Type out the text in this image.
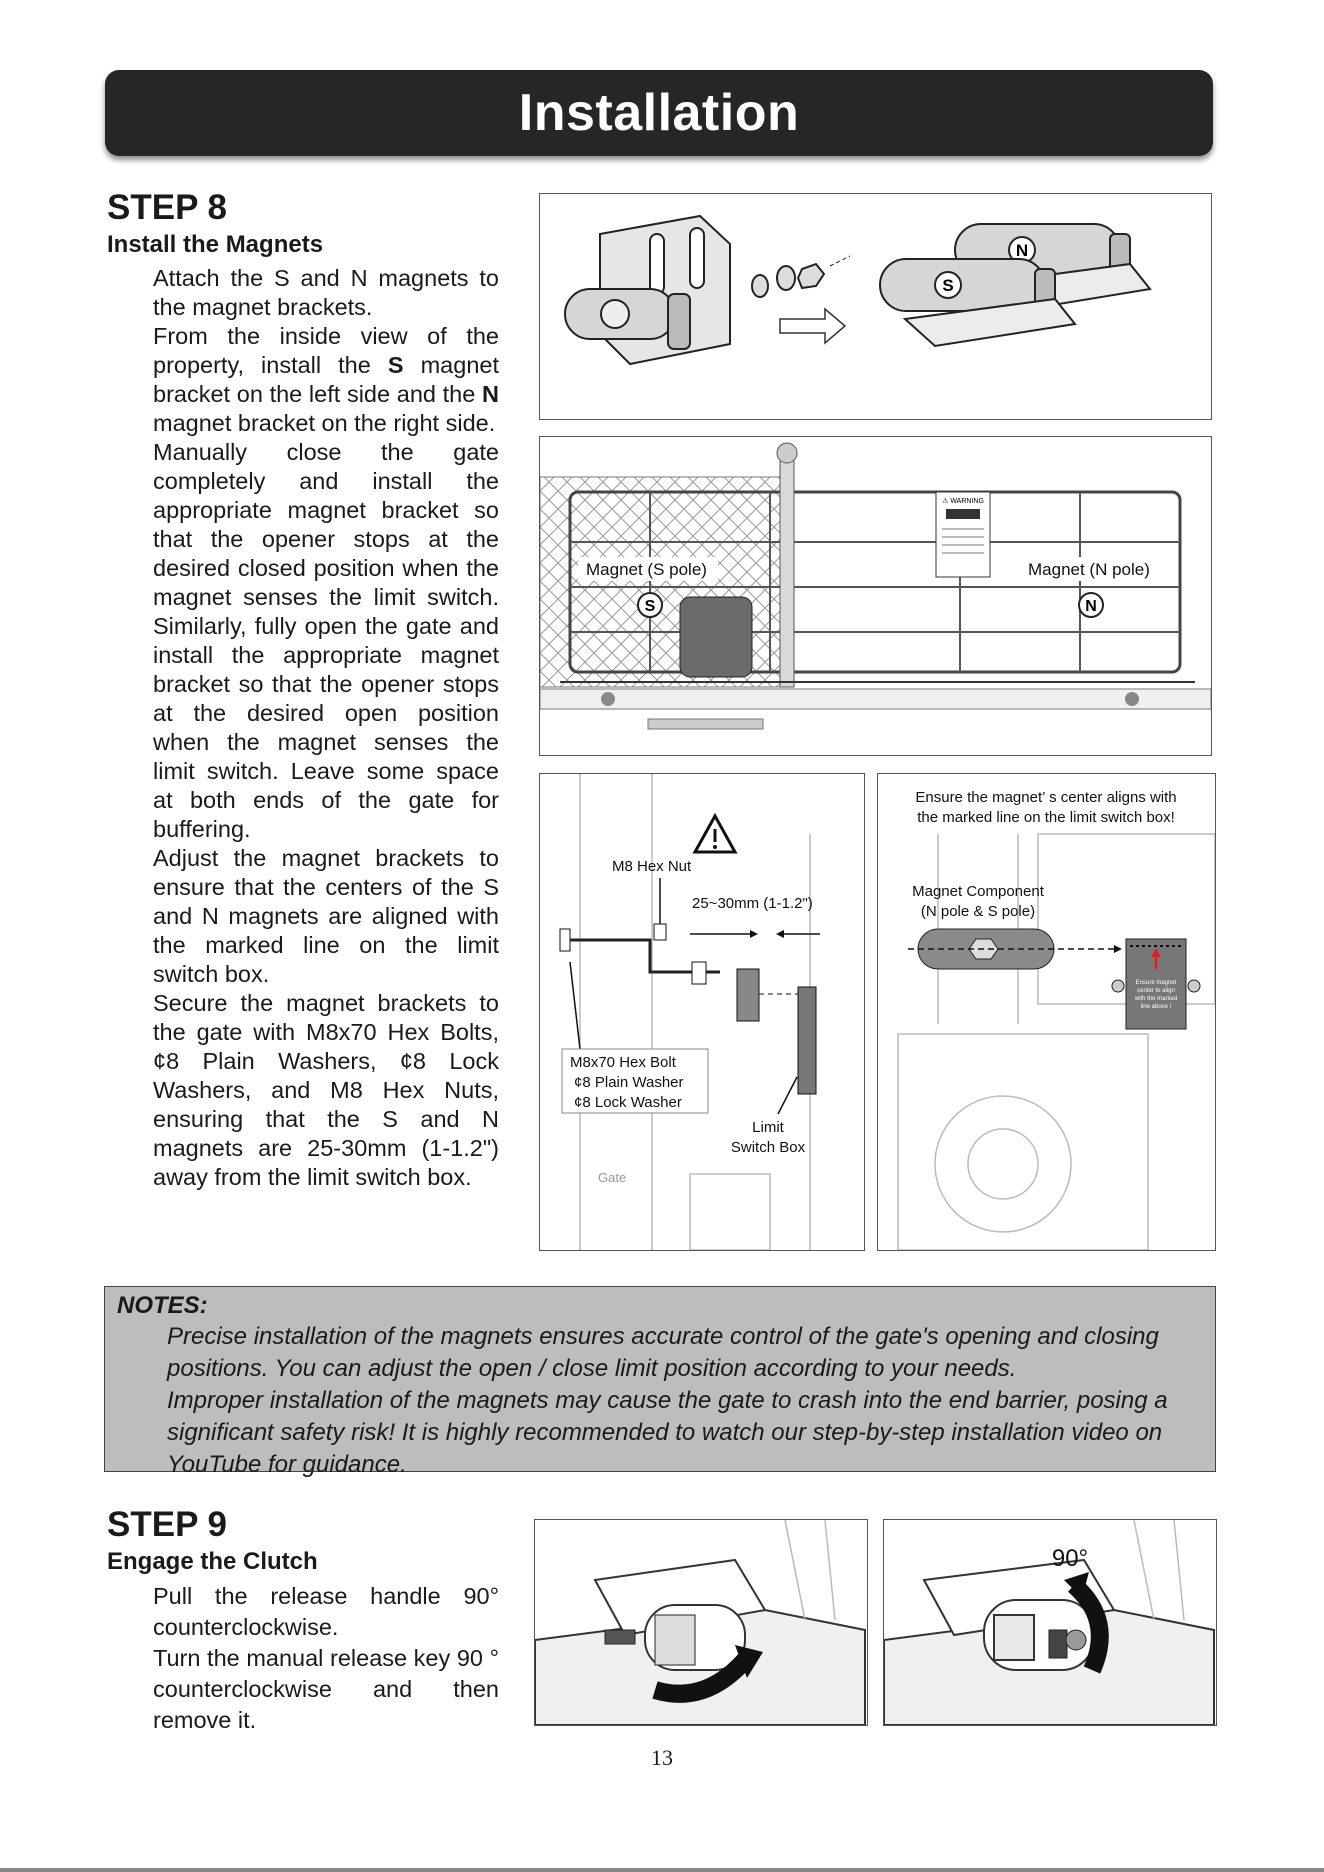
Installation
STEP 8
Install the Magnets

Attach the S and N magnets to the magnet brackets.

From the inside view of the property, install the S magnet bracket on the left side and the N magnet bracket on the right side.

Manually close the gate completely and install the appropriate magnet bracket so that the opener stops at the desired closed position when the magnet senses the limit switch. Similarly, fully open the gate and install the appropriate magnet bracket so that the opener stops at the desired open position when the magnet senses the limit switch. Leave some space at both ends of the gate for buffering.

Adjust the magnet brackets to ensure that the centers of the S and N magnets are aligned with the marked line on the limit switch box.

Secure the magnet brackets to the gate with M8x70 Hex Bolts, ¢8 Plain Washers, ¢8 Lock Washers, and M8 Hex Nuts, ensuring that the S and N magnets are 25-30mm (1-1.2") away from the limit switch box.

N
S
⚠ WARNING
Magnet (S pole)	Magnet (N pole)
S	N
M8 Hex Nut
25~30mm (1-1.2")
M8x70 Hex Bolt
¢8 Plain Washer
¢8 Lock Washer
Limit
Switch Box
Gate
Ensure the magnet’ s center aligns with
the marked line on the limit switch box!
Magnet Component
(N pole & S pole)
Ensure magnet
center to align
with the marked
line above !

NOTES:

Precise installation of the magnets ensures accurate control of the gate's opening and closing positions. You can adjust the open / close limit position according to your needs.

Improper installation of the magnets may cause the gate to crash into the end barrier, posing a significant safety risk! It is highly recommended to watch our step-by-step installation video on YouTube for guidance.

STEP 9
Engage the Clutch

Pull the release handle 90° counterclockwise.

Turn the manual release key 90 ° counterclockwise and then remove it.

90°
13
